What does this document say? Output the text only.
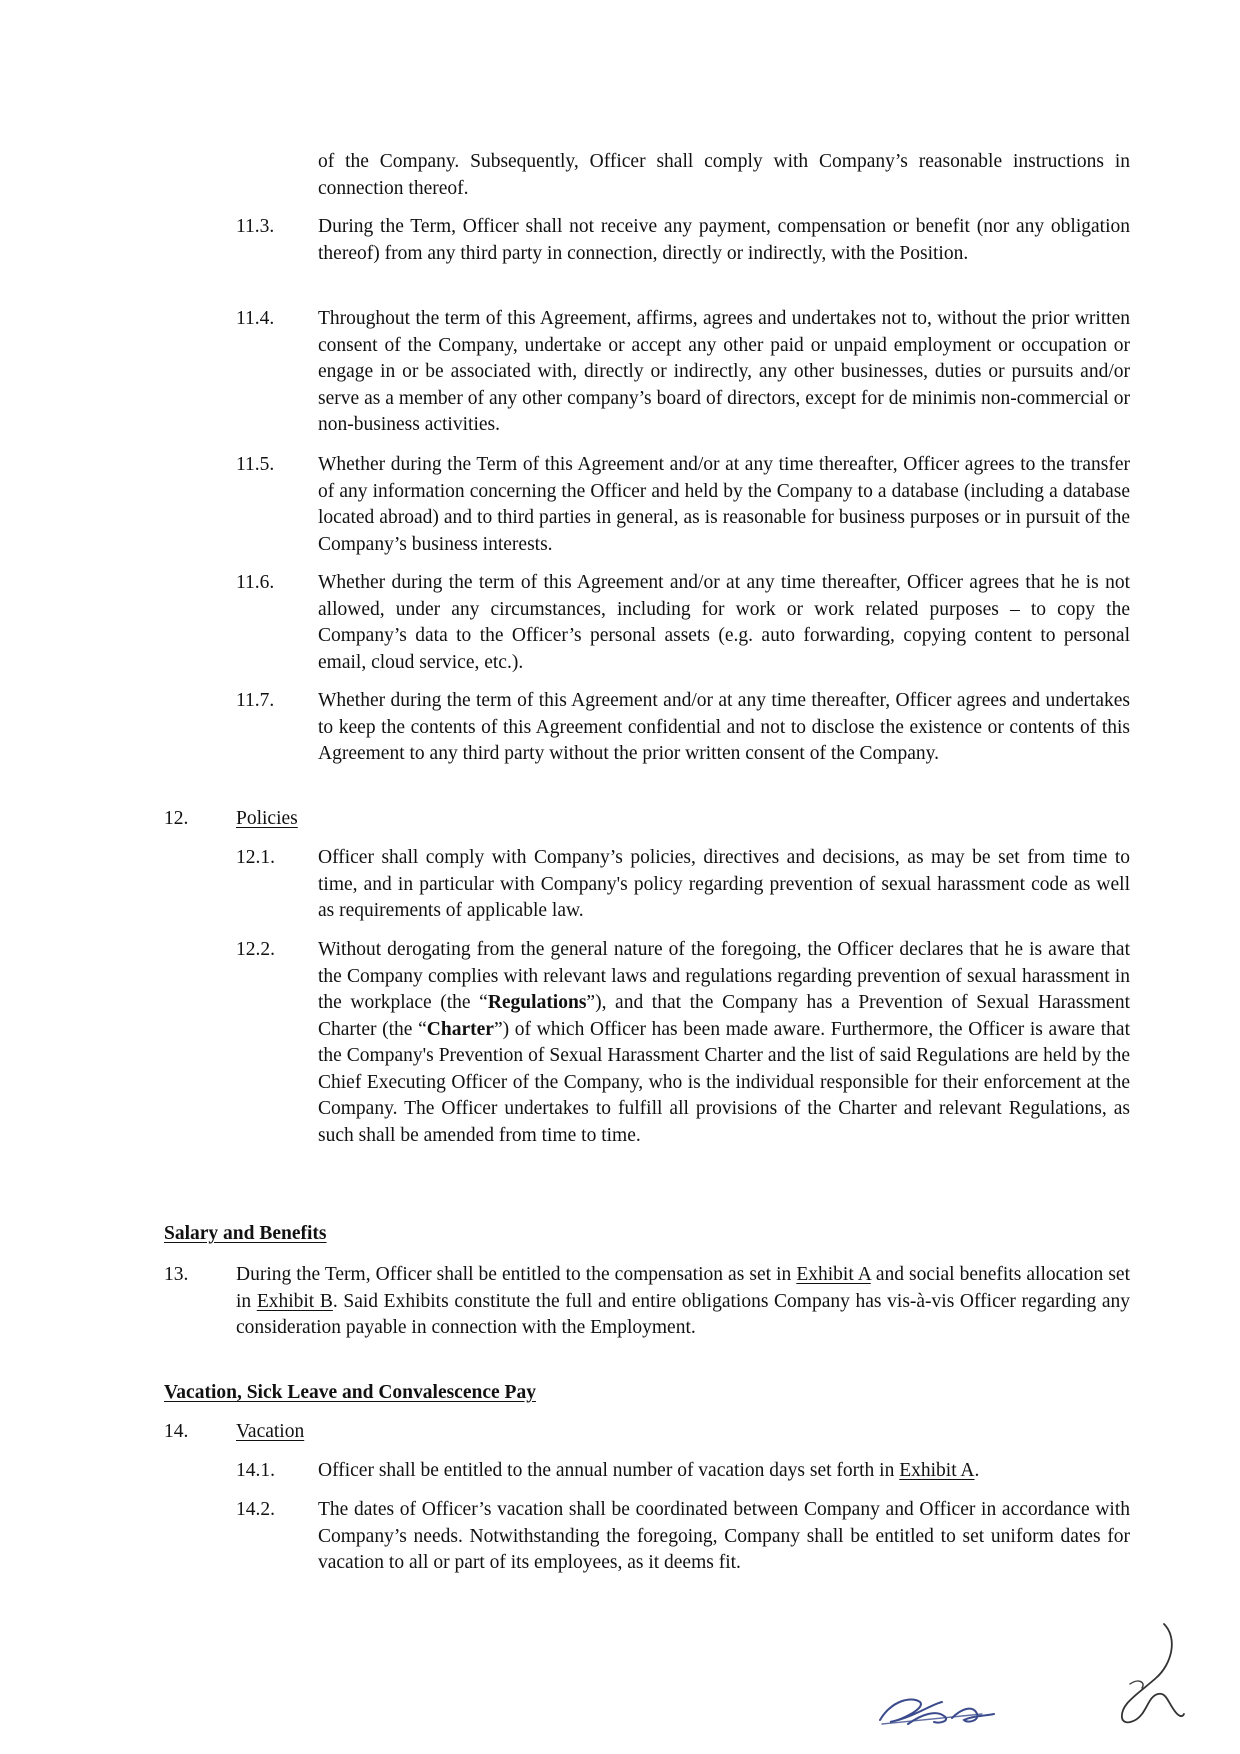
of the Company. Subsequently, Officer shall comply with Company’s reasonable instructions in connection thereof.
11.3. During the Term, Officer shall not receive any payment, compensation or benefit (nor any obligation thereof) from any third party in connection, directly or indirectly, with the Position.
11.4. Throughout the term of this Agreement, affirms, agrees and undertakes not to, without the prior written consent of the Company, undertake or accept any other paid or unpaid employment or occupation or engage in or be associated with, directly or indirectly, any other businesses, duties or pursuits and/or serve as a member of any other company’s board of directors, except for de minimis non-commercial or non-business activities.
11.5. Whether during the Term of this Agreement and/or at any time thereafter, Officer agrees to the transfer of any information concerning the Officer and held by the Company to a database (including a database located abroad) and to third parties in general, as is reasonable for business purposes or in pursuit of the Company’s business interests.
11.6. Whether during the term of this Agreement and/or at any time thereafter, Officer agrees that he is not allowed, under any circumstances, including for work or work related purposes – to copy the Company’s data to the Officer’s personal assets (e.g. auto forwarding, copying content to personal email, cloud service, etc.).
11.7. Whether during the term of this Agreement and/or at any time thereafter, Officer agrees and undertakes to keep the contents of this Agreement confidential and not to disclose the existence or contents of this Agreement to any third party without the prior written consent of the Company.
12. Policies
12.1. Officer shall comply with Company’s policies, directives and decisions, as may be set from time to time, and in particular with Company's policy regarding prevention of sexual harassment code as well as requirements of applicable law.
12.2. Without derogating from the general nature of the foregoing, the Officer declares that he is aware that the Company complies with relevant laws and regulations regarding prevention of sexual harassment in the workplace (the “Regulations”), and that the Company has a Prevention of Sexual Harassment Charter (the “Charter”) of which Officer has been made aware. Furthermore, the Officer is aware that the Company's Prevention of Sexual Harassment Charter and the list of said Regulations are held by the Chief Executing Officer of the Company, who is the individual responsible for their enforcement at the Company. The Officer undertakes to fulfill all provisions of the Charter and relevant Regulations, as such shall be amended from time to time.
Salary and Benefits
13. During the Term, Officer shall be entitled to the compensation as set in Exhibit A and social benefits allocation set in Exhibit B. Said Exhibits constitute the full and entire obligations Company has vis-à-vis Officer regarding any consideration payable in connection with the Employment.
Vacation, Sick Leave and Convalescence Pay
14. Vacation
14.1. Officer shall be entitled to the annual number of vacation days set forth in Exhibit A.
14.2. The dates of Officer’s vacation shall be coordinated between Company and Officer in accordance with Company’s needs. Notwithstanding the foregoing, Company shall be entitled to set uniform dates for vacation to all or part of its employees, as it deems fit.
